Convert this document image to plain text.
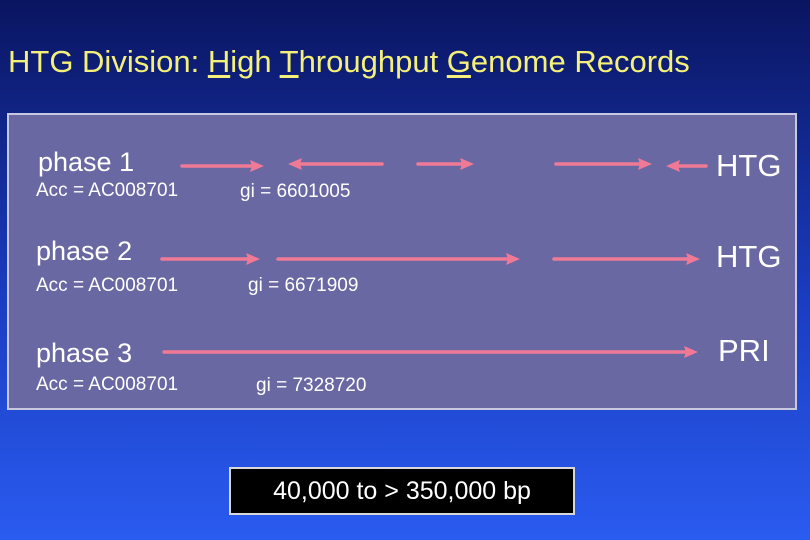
HTG Division: High Throughput Genome Records
phase 1
Acc = AC008701	gi = 6601005
HTG
phase 2
Acc = AC008701	gi = 6671909
HTG
phase 3
Acc = AC008701	gi = 7328720
PRI
40,000 to > 350,000 bp
